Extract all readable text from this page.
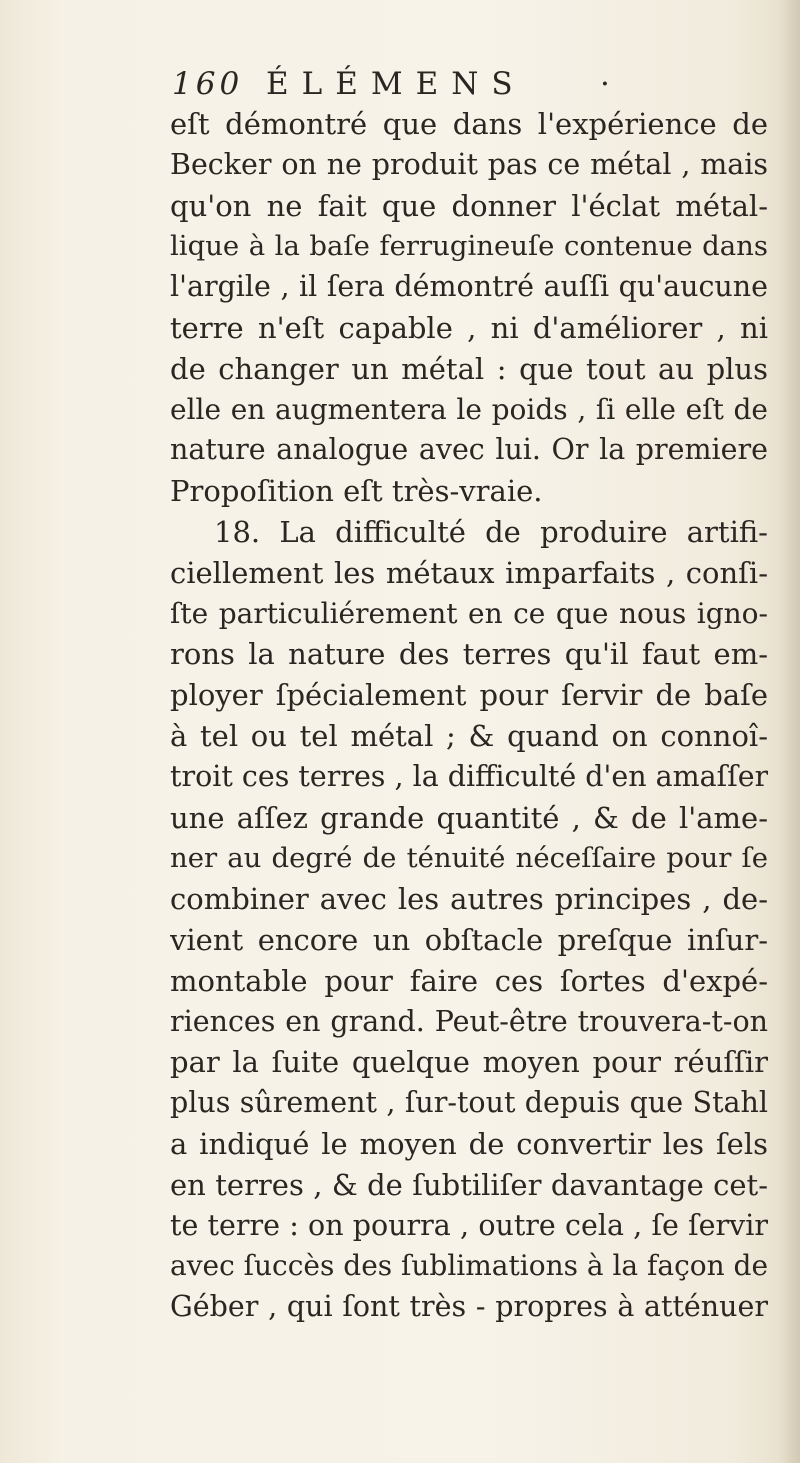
160 ÉLÉMENS ·
eſt démontré que dans l'expérience de
Becker on ne produit pas ce métal , mais
qu'on ne fait que donner l'éclat métal-
lique à la baſe ferrugineuſe contenue dans
l'argile , il ſera démontré auſſi qu'aucune
terre n'eſt capable , ni d'améliorer , ni
de changer un métal : que tout au plus
elle en augmentera le poids , ſi elle eſt de
nature analogue avec lui. Or la premiere
Propoſition eſt très-vraie.
18. La difficulté de produire artifi-
ciellement les métaux imparfaits , conſi-
ſte particuliérement en ce que nous igno-
rons la nature des terres qu'il faut em-
ployer ſpécialement pour ſervir de baſe
à tel ou tel métal ; & quand on connoî-
troit ces terres , la difficulté d'en amaſſer
une aſſez grande quantité , & de l'ame-
ner au degré de ténuité néceſſaire pour ſe
combiner avec les autres principes , de-
vient encore un obſtacle preſque inſur-
montable pour faire ces ſortes d'expé-
riences en grand. Peut-être trouvera-t-on
par la ſuite quelque moyen pour réuſſir
plus sûrement , ſur-tout depuis que Stahl
a indiqué le moyen de convertir les ſels
en terres , & de ſubtiliſer davantage cet-
te terre : on pourra , outre cela , ſe ſervir
avec ſuccès des ſublimations à la façon de
Géber , qui ſont très - propres à atténuer
